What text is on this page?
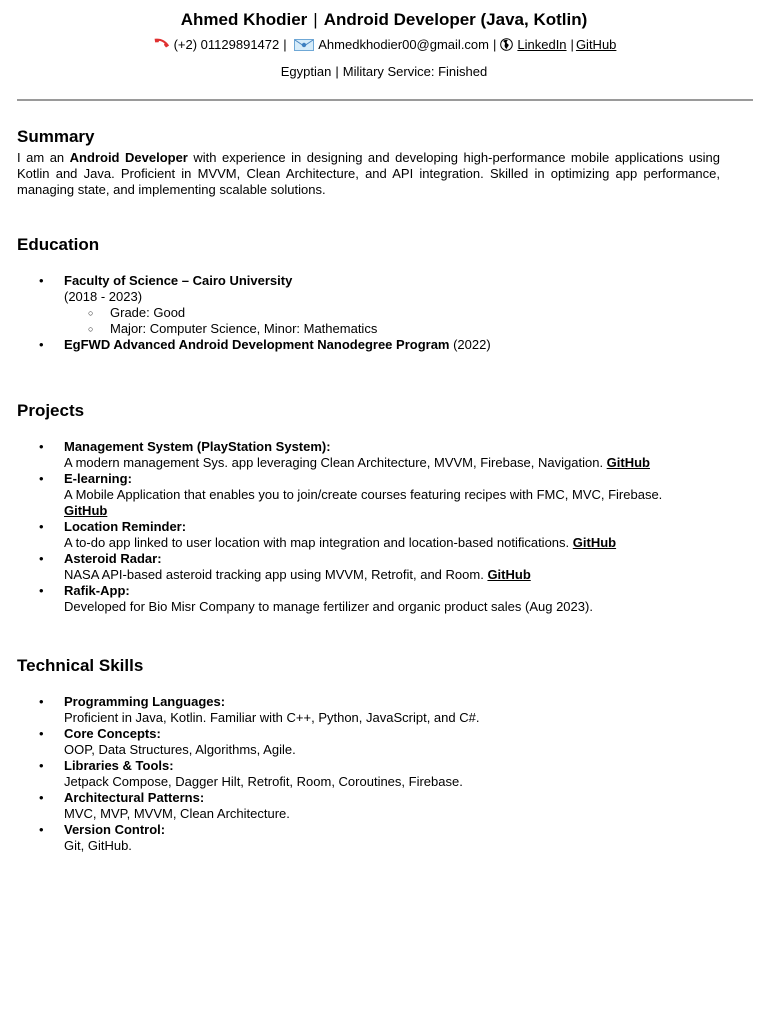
Ahmed Khodier | Android Developer (Java, Kotlin)
(+2) 01129891472 | Ahmedkhodier00@gmail.com | LinkedIn | GitHub
Egyptian | Military Service: Finished
Summary
I am an Android Developer with experience in designing and developing high-performance mobile applications using Kotlin and Java. Proficient in MVVM, Clean Architecture, and API integration. Skilled in optimizing app performance, managing state, and implementing scalable solutions.
Education
• Faculty of Science – Cairo University
(2018 - 2023)
○ Grade: Good
○ Major: Computer Science, Minor: Mathematics
• EgFWD Advanced Android Development Nanodegree Program (2022)
Projects
• Management System (PlayStation System):
A modern management Sys. app leveraging Clean Architecture, MVVM, Firebase, Navigation. GitHub
• E-learning:
A Mobile Application that enables you to join/create courses featuring recipes with FMC, MVC, Firebase.
GitHub
• Location Reminder:
A to-do app linked to user location with map integration and location-based notifications. GitHub
• Asteroid Radar:
NASA API-based asteroid tracking app using MVVM, Retrofit, and Room. GitHub
• Rafik-App:
Developed for Bio Misr Company to manage fertilizer and organic product sales (Aug 2023).
Technical Skills
• Programming Languages:
Proficient in Java, Kotlin. Familiar with C++, Python, JavaScript, and C#.
• Core Concepts:
OOP, Data Structures, Algorithms, Agile.
• Libraries & Tools:
Jetpack Compose, Dagger Hilt, Retrofit, Room, Coroutines, Firebase.
• Architectural Patterns:
MVC, MVP, MVVM, Clean Architecture.
• Version Control:
Git, GitHub.
